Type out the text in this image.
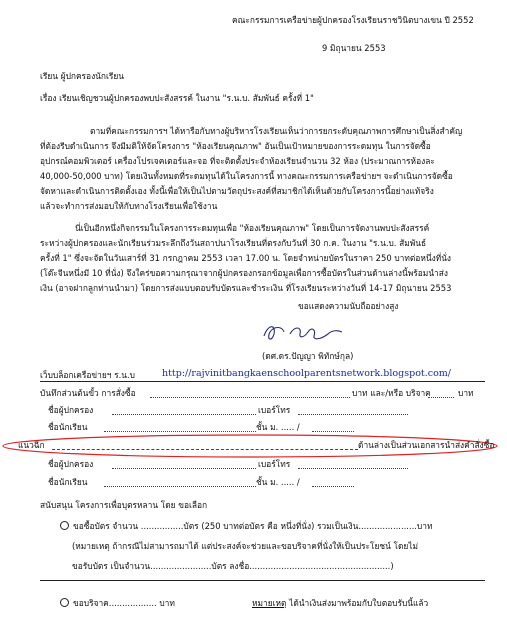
คณะกรรมการเครือข่ายผู้ปกครองโรงเรียนราชวินิตบางเขน ปี 2552
9 มิถุนายน 2553
เรียน ผู้ปกครองนักเรียน
เรื่อง เรียนเชิญชวนผู้ปกครองพบปะสังสรรค์ ในงาน "ร.น.บ. สัมพันธ์ ครั้งที่ 1"
ตามที่คณะกรรมการฯ ได้หารือกับทางผู้บริหารโรงเรียนเห็นว่าการยกระดับคุณภาพการศึกษาเป็นสิ่งสำคัญ
ที่ต้องรีบดำเนินการ จึงมีมติให้จัดโครงการ "ห้องเรียนคุณภาพ" อันเป็นเป้าหมายของการระดมทุน ในการจัดซื้อ
อุปกรณ์คอมพิวเตอร์ เครื่องโปรเจคเตอร์และจอ ที่จะติดตั้งประจำห้องเรียนจำนวน 32 ห้อง (ประมาณการห้องละ
40,000-50,000 บาท) โดยเงินทั้งหมดที่ระดมทุนได้ในโครงการนี้ ทางคณะกรรมการเครือข่ายฯ จะดำเนินการจัดซื้อ
จัดหาและดำเนินการติดตั้งเอง ทั้งนี้เพื่อให้เป็นไปตามวัตถุประสงค์ที่สมาชิกได้เห็นด้วยกับโครงการนี้อย่างแท้จริง
แล้วจะทำการส่งมอบให้กับทางโรงเรียนเพื่อใช้งาน
นี่เป็นอีกหนึ่งกิจกรรมในโครงการระดมทุนเพื่อ "ห้องเรียนคุณภาพ" โดยเป็นการจัดงานพบปะสังสรรค์
ระหว่างผู้ปกครองและนักเรียนร่วมระลึกถึงวันสถาปนาโรงเรียนที่ตรงกับวันที่ 30 ก.ค. ในงาน "ร.น.บ. สัมพันธ์
ครั้งที่ 1" ซึ่งจะจัดในวันเสาร์ที่ 31 กรกฎาคม 2553 เวลา 17.00 น. โดยจำหน่ายบัตรในราคา 250 บาทต่อหนึ่งที่นั่ง
(โต๊ะจีนหนึ่งมี 10 ที่นั่ง) จึงใคร่ขอความกรุณาจากผู้ปกครองกรอกข้อมูลเพื่อการซื้อบัตรในส่วนด้านล่างนี้พร้อมนำส่ง
เงิน (อาจฝากลูกท่านนำมา) โดยการส่งแบบตอบรับบัตรและชำระเงิน ที่โรงเรียนระหว่างวันที่ 14-17 มิถุนายน 2553
ขอแสดงความนับถืออย่างสูง
(ดศ.ดร.ปัญญา พิทักษ์กุล)
เว็บบล็อกเครือข่ายฯ ร.น.บ	http://rajvinitbangkaenschoolparentsnetwork.blogspot.com/
บันทึกส่วนต้นขั้ว การสั่งซื้อ	บาท และ/หรือ บริจาค	บาท
ชื่อผู้ปกครอง	เบอร์โทร
ชื่อนักเรียน	ชั้น ม. ..... /
แนวฉีก	ด้านล่างเป็นส่วนเอกสารนำส่งคำสั่งซื้อ
ชื่อผู้ปกครอง	เบอร์โทร
ชื่อนักเรียน	ชั้น ม. ..... /
สนับสนุน โครงการเพื่อบุตรหลาน โดย ขอเลือก
ขอซื้อบัตร จำนวน ................บัตร (250 บาทต่อบัตร คือ หนึ่งที่นั่ง) รวมเป็นเงิน......................บาท
(หมายเหตุ ถ้ากรณีไม่สามารถมาได้ แต่ประสงค์จะช่วยและขอบริจาคที่นั่งให้เป็นประโยชน์ โดยไม่
ขอรับบัตร เป็นจำนวน.......................บัตร ลงชื่อ.....................................................)
ขอบริจาค.................. บาท	หมายเหตุ ได้นำเงินส่งมาพร้อมกับใบตอบรับนี้แล้ว
